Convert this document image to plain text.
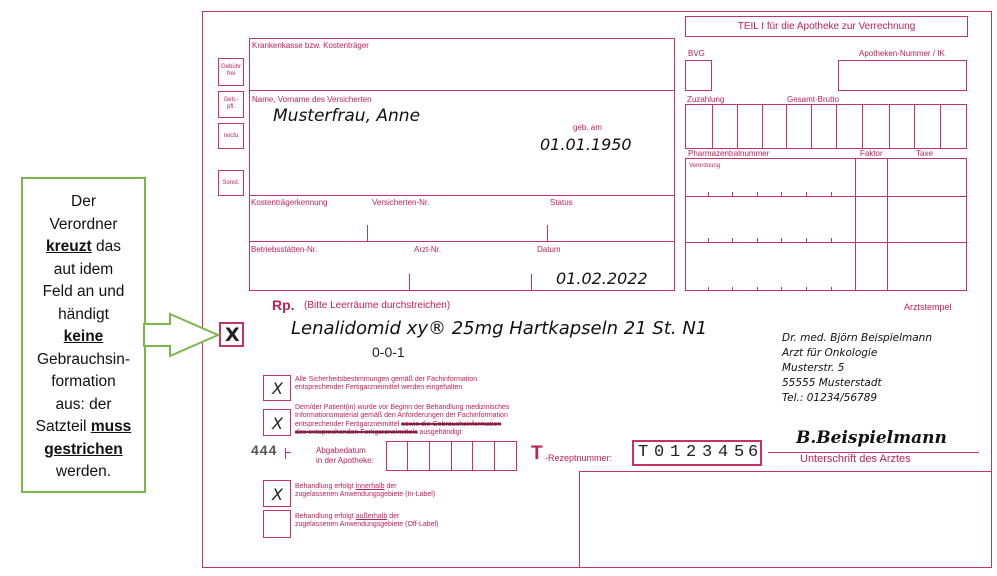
Gebühr
frei
Geb.-
pfl.
noctu
Sonst.
Krankenkasse bzw. Kostenträger
Name, Vorname des Versicherten
geb. am
Kostenträgerkennung	Versicherten-Nr.	Status
Betriebsstätten-Nr.	Arzt-Nr.	Datum
Musterfrau, Anne
01.01.1950
01.02.2022
TEIL I für die Apotheke zur Verrechnung
BVG	Apotheken-Nummer / IK
Zuzahlung	Gesamt-Brutto
Pharmazentralnummer	Faktor	Taxe
Verordnung
Arztstempel
Rp. (Bitte Leerräume durchstreichen)
X	Lenalidomid xy® 25mg Hartkapseln 21 St. N1
0-0-1
X Alle Sicherheitsbestimmungen gemäß der Fachinformation
entsprechender Fertigarzneimittel werden eingehalten
X
Dem/der Patient(in) wurde vor Beginn der Behandlung medizinisches
Informationsmaterial gemäß den Anforderungen der Fachinformation
entsprechender Fertigarzneimittel sowie die Gebrauchsinformation
des entsprechenden Fertigarzneimittels ausgehändigt
X Behandlung erfolgt innerhalb der
zugelassenen Anwendungsgebiete (In-Label)
Behandlung erfolgt außerhalb der
zugelassenen Anwendungsgebiete (Off-Label)
444	Abgabedatum
in der Apotheke:	T -Rezeptnummer: T 0 1 2 3 4 5 6
Dr. med. Björn Beispielmann
Arzt für Onkologie
Musterstr. 5
55555 Musterstadt
Tel.: 01234/56789
B.Beispielmann
Unterschrift des Arztes
Der
Verordner
kreuzt das
aut idem
Feld an und
händigt
keine
Gebrauchsin-
formation
aus: der
Satzteil muss
gestrichen
werden.
